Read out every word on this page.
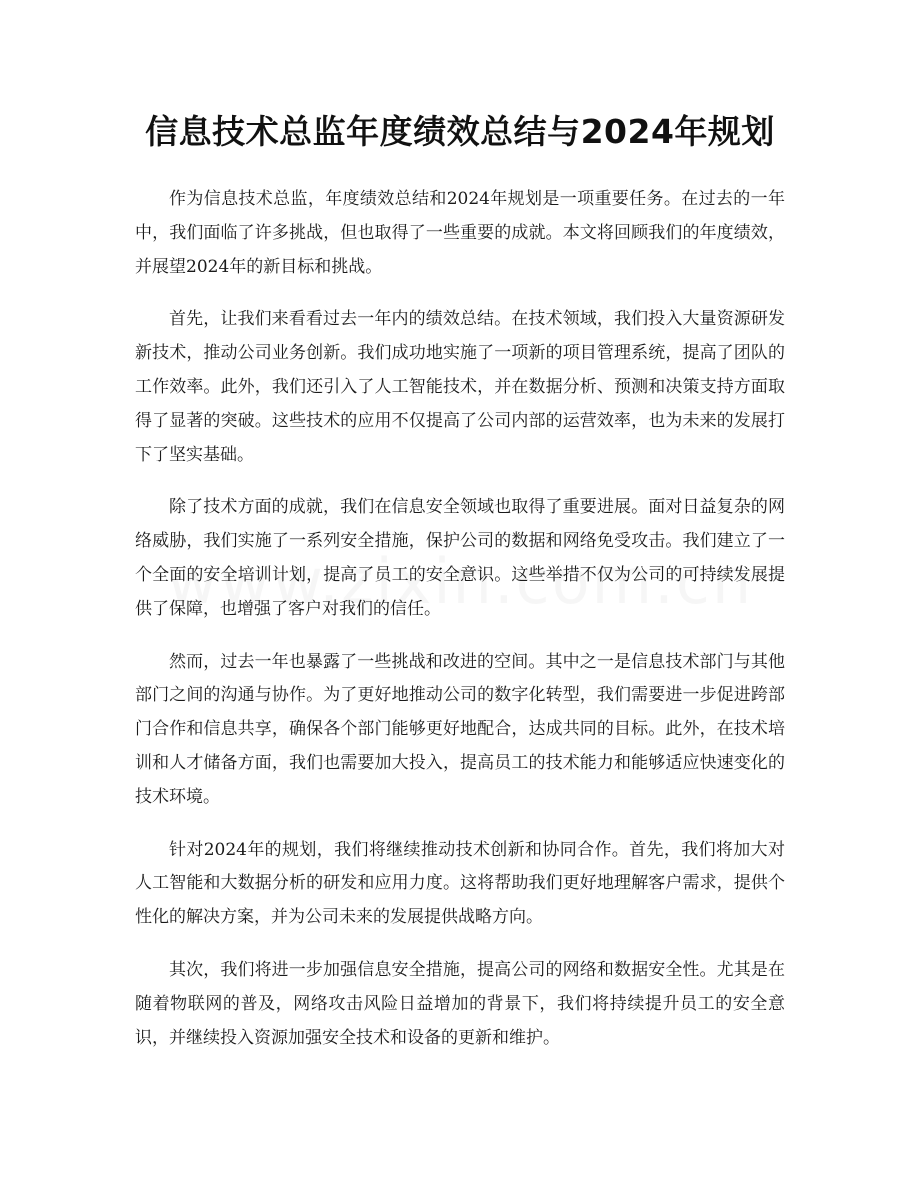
信息技术总监年度绩效总结与2024年规划

作为信息技术总监，年度绩效总结和2024年规划是一项重要任务。在过去的一年中，我们面临了许多挑战，但也取得了一些重要的成就。本文将回顾我们的年度绩效，并展望2024年的新目标和挑战。

首先，让我们来看看过去一年内的绩效总结。在技术领域，我们投入大量资源研发新技术，推动公司业务创新。我们成功地实施了一项新的项目管理系统，提高了团队的工作效率。此外，我们还引入了人工智能技术，并在数据分析、预测和决策支持方面取得了显著的突破。这些技术的应用不仅提高了公司内部的运营效率，也为未来的发展打下了坚实基础。

除了技术方面的成就，我们在信息安全领域也取得了重要进展。面对日益复杂的网络威胁，我们实施了一系列安全措施，保护公司的数据和网络免受攻击。我们建立了一个全面的安全培训计划，提高了员工的安全意识。这些举措不仅为公司的可持续发展提供了保障，也增强了客户对我们的信任。

然而，过去一年也暴露了一些挑战和改进的空间。其中之一是信息技术部门与其他部门之间的沟通与协作。为了更好地推动公司的数字化转型，我们需要进一步促进跨部门合作和信息共享，确保各个部门能够更好地配合，达成共同的目标。此外，在技术培训和人才储备方面，我们也需要加大投入，提高员工的技术能力和能够适应快速变化的技术环境。

针对2024年的规划，我们将继续推动技术创新和协同合作。首先，我们将加大对人工智能和大数据分析的研发和应用力度。这将帮助我们更好地理解客户需求，提供个性化的解决方案，并为公司未来的发展提供战略方向。

其次，我们将进一步加强信息安全措施，提高公司的网络和数据安全性。尤其是在随着物联网的普及，网络攻击风险日益增加的背景下，我们将持续提升员工的安全意识，并继续投入资源加强安全技术和设备的更新和维护。
